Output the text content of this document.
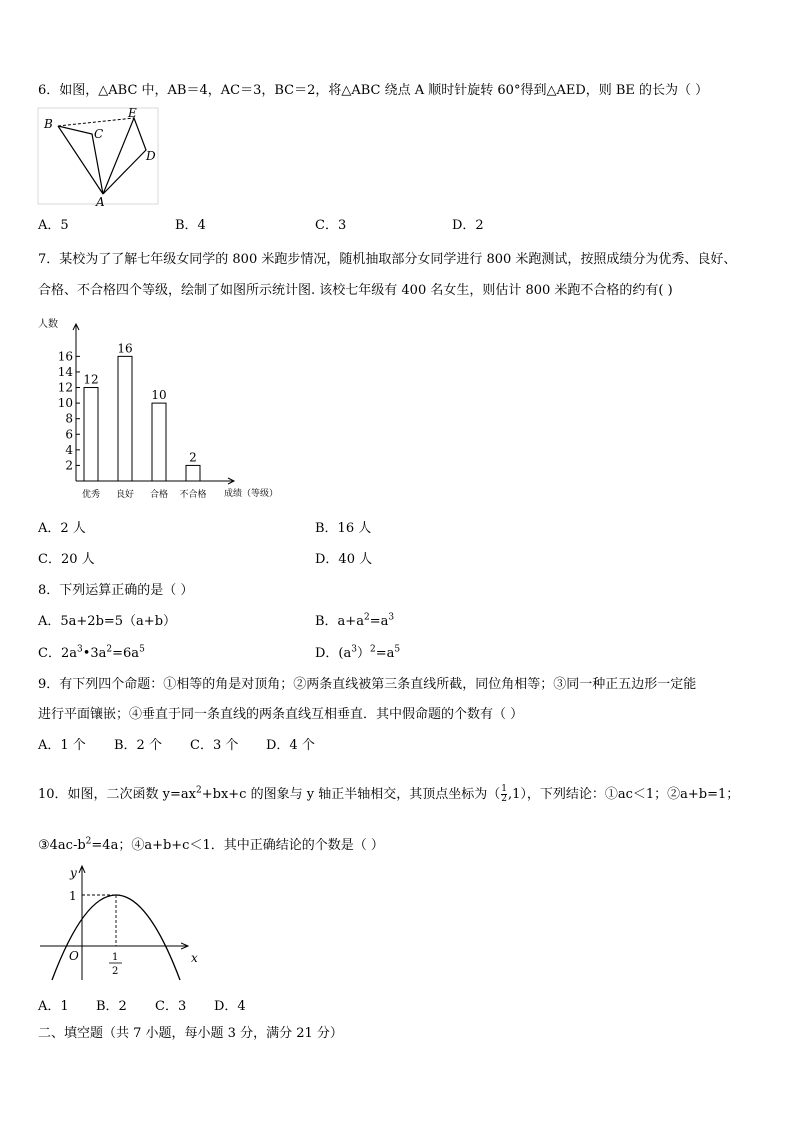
6．如图，△ABC 中，AB＝4，AC＝3，BC＝2，将△ABC 绕点 A 顺时针旋转 60°得到△AED，则 BE 的长为（ ）
B
C
E
D
A
A．5	B．4	C．3	D．2
7．某校为了了解七年级女同学的 800 米跑步情况，随机抽取部分女同学进行 800 米跑测试，按照成绩分为优秀、良好、
合格、不合格四个等级，绘制了如图所示统计图. 该校七年级有 400 名女生，则估计 800 米跑不合格的约有( )
人数
成绩（等级）
2
4
6
8
10
12
14
16
12
优秀
16
良好
10
合格
2
不合格
A．2 人	B．16 人
C．20 人	D．40 人
8．下列运算正确的是（ ）
A．5a+2b=5（a+b）	B．$a+a^2=a^3$
C．$2a^3•3a^2=6a^5$	D．$(a^3)^2=a^5$
9．有下列四个命题：①相等的角是对顶角；②两条直线被第三条直线所截，同位角相等；③同一种正五边形一定能
进行平面镶嵌；④垂直于同一条直线的两条直线互相垂直．其中假命题的个数有（ ）
A．1 个 B．2 个 C．3 个 D．4 个
10．如图，二次函数 $y=ax^2+bx+c$ 的图象与 y 轴正半轴相交，其顶点坐标为（ $\frac{1}{2} ,1$），下列结论：①ac＜1；②a+b=1；
$③4ac-b^2=4a$；④a+b+c＜1．其中正确结论的个数是（ ）
y
x
O
1
1
2
A．1 B．2 C．3 D．4
二、填空题（共 7 小题，每小题 3 分，满分 21 分）
